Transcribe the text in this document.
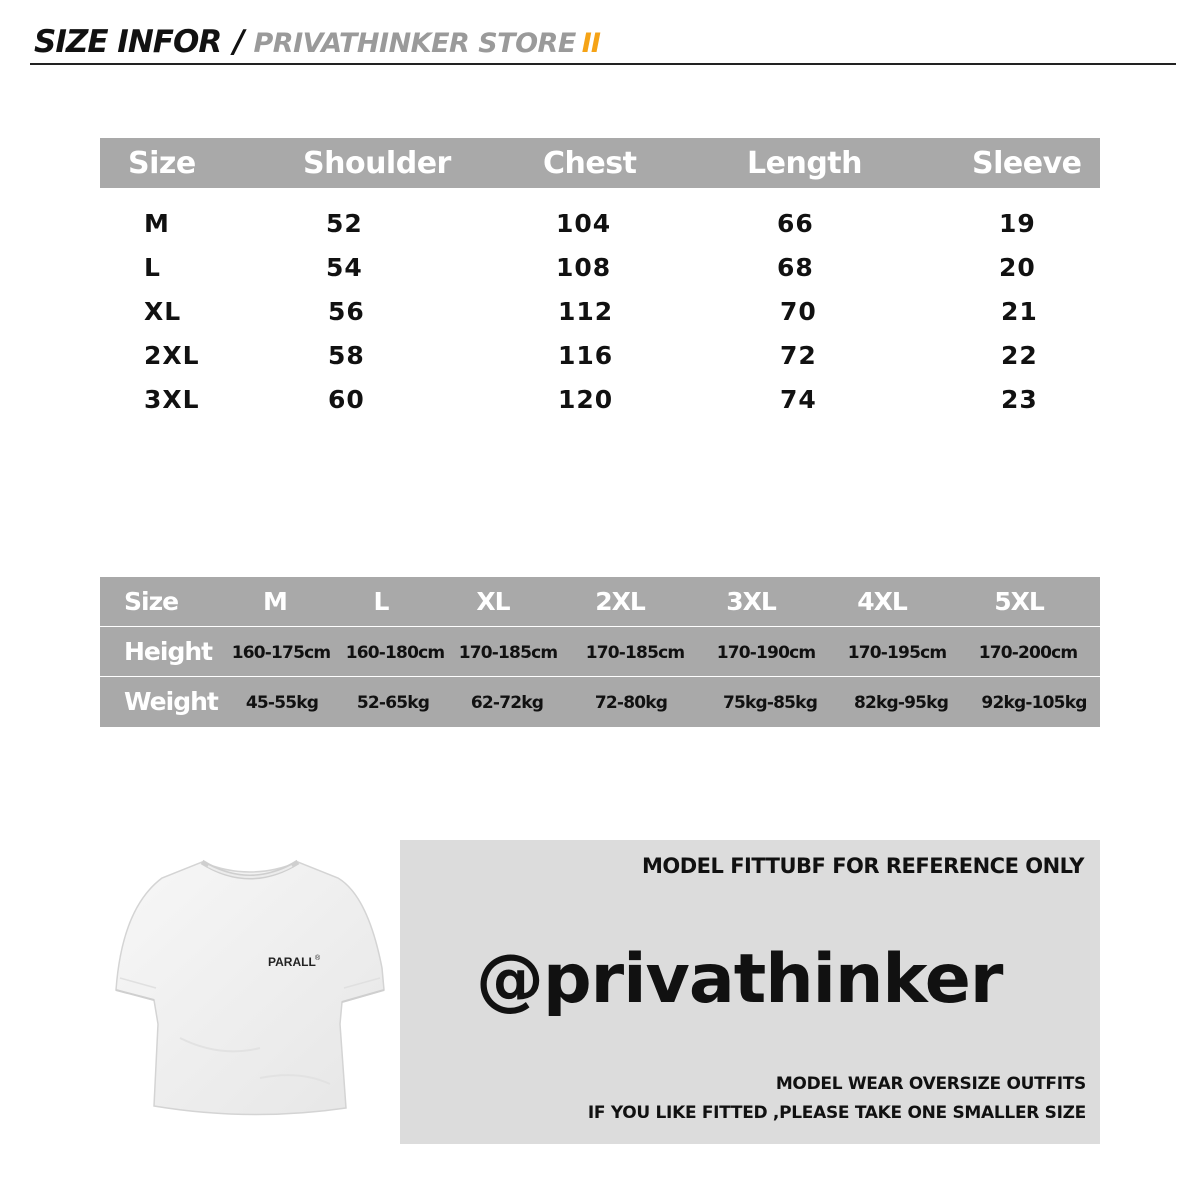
SIZE INFOR / PRIVATHINKER STORE II
Size	Shoulder	Chest	Length	Sleeve
M	52	104	66	19
L	54	108	68	20
XL	56	112	70	21
2XL	58	116	72	22
3XL	60	120	74	23
Size	M	L	XL	2XL	3XL	4XL	5XL
Height 160-175cm 160-180cm 170-185cm 170-185cm 170-190cm 170-195cm 170-200cm
Weight 45-55kg 52-65kg 62-72kg	72-80kg	75kg-85kg 82kg-95kg 92kg-105kg
PARALL ®
MODEL FITTUBF FOR REFERENCE ONLY
@privathinker
MODEL WEAR OVERSIZE OUTFITS
IF YOU LIKE FITTED ,PLEASE TAKE ONE SMALLER SIZE
